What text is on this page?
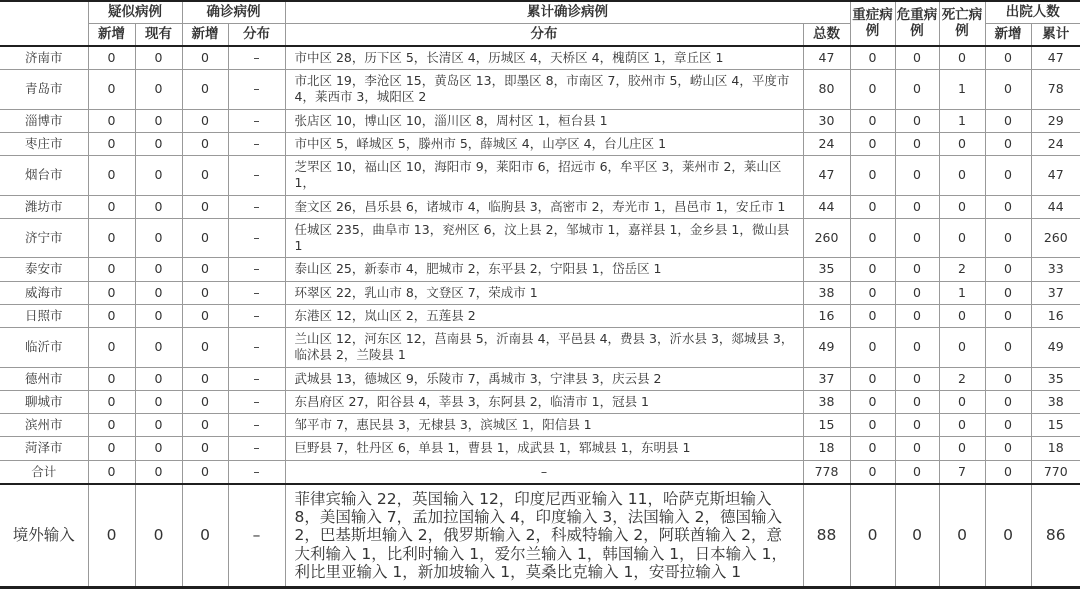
	疑似病例		确诊病例		累计确诊病例		重症病例	危重病例	死亡病例	出院人数	
	新增	现有	新增	分布	分布	总数				新增	累计
济南市	0	0	0	–	市中区 28，历下区 5，长清区 4，历城区 4，天桥区 4，槐荫区 1，章丘区 1	47	0	0	0	0	47
青岛市	0	0	0	–	市北区 19，李沧区 15，黄岛区 13，即墨区 8，市南区 7，胶州市 5，崂山区 4，平度市 4，莱西市 3，城阳区 2	80	0	0	1	0	78
淄博市	0	0	0	–	张店区 10，博山区 10，淄川区 8，周村区 1，桓台县 1	30	0	0	1	0	29
枣庄市	0	0	0	–	市中区 5，峄城区 5，滕州市 5，薛城区 4，山亭区 4，台儿庄区 1	24	0	0	0	0	24
烟台市	0	0	0	–	芝罘区 10，福山区 10，海阳市 9，莱阳市 6，招远市 6，牟平区 3，莱州市 2，莱山区 1，	47	0	0	0	0	47
潍坊市	0	0	0	–	奎文区 26，昌乐县 6，诸城市 4，临朐县 3，高密市 2，寿光市 1，昌邑市 1，安丘市 1	44	0	0	0	0	44
济宁市	0	0	0	–	任城区 235，曲阜市 13，兖州区 6，汶上县 2，邹城市 1，嘉祥县 1，金乡县 1，微山县 1	260	0	0	0	0	260
泰安市	0	0	0	–	泰山区 25，新泰市 4，肥城市 2，东平县 2，宁阳县 1，岱岳区 1	35	0	0	2	0	33
威海市	0	0	0	–	环翠区 22，乳山市 8，文登区 7，荣成市 1	38	0	0	1	0	37
日照市	0	0	0	–	东港区 12，岚山区 2，五莲县 2	16	0	0	0	0	16
临沂市	0	0	0	–	兰山区 12，河东区 12，莒南县 5，沂南县 4，平邑县 4，费县 3，沂水县 3，郯城县 3，临沭县 2，兰陵县 1	49	0	0	0	0	49
德州市	0	0	0	–	武城县 13，德城区 9，乐陵市 7，禹城市 3，宁津县 3，庆云县 2	37	0	0	2	0	35
聊城市	0	0	0	–	东昌府区 27，阳谷县 4，莘县 3，东阿县 2，临清市 1，冠县 1	38	0	0	0	0	38
滨州市	0	0	0	–	邹平市 7，惠民县 3，无棣县 3，滨城区 1，阳信县 1	15	0	0	0	0	15
菏泽市	0	0	0	–	巨野县 7，牡丹区 6，单县 1，曹县 1，成武县 1，郓城县 1，东明县 1	18	0	0	0	0	18
合计	0	0	0	–	–	778	0	0	7	0	770
境外输入	0	0	0	–	菲律宾输入 22，英国输入 12，印度尼西亚输入 11，哈萨克斯坦输入 8，美国输入 7，孟加拉国输入 4，印度输入 3，法国输入 2，德国输入 2，巴基斯坦输入 2，俄罗斯输入 2，科威特输入 2，阿联酋输入 2，意大利输入 1，比利时输入 1，爱尔兰输入 1，韩国输入 1，日本输入 1，利比里亚输入 1，新加坡输入 1，莫桑比克输入 1，安哥拉输入 1	88	0	0	0	0	86
